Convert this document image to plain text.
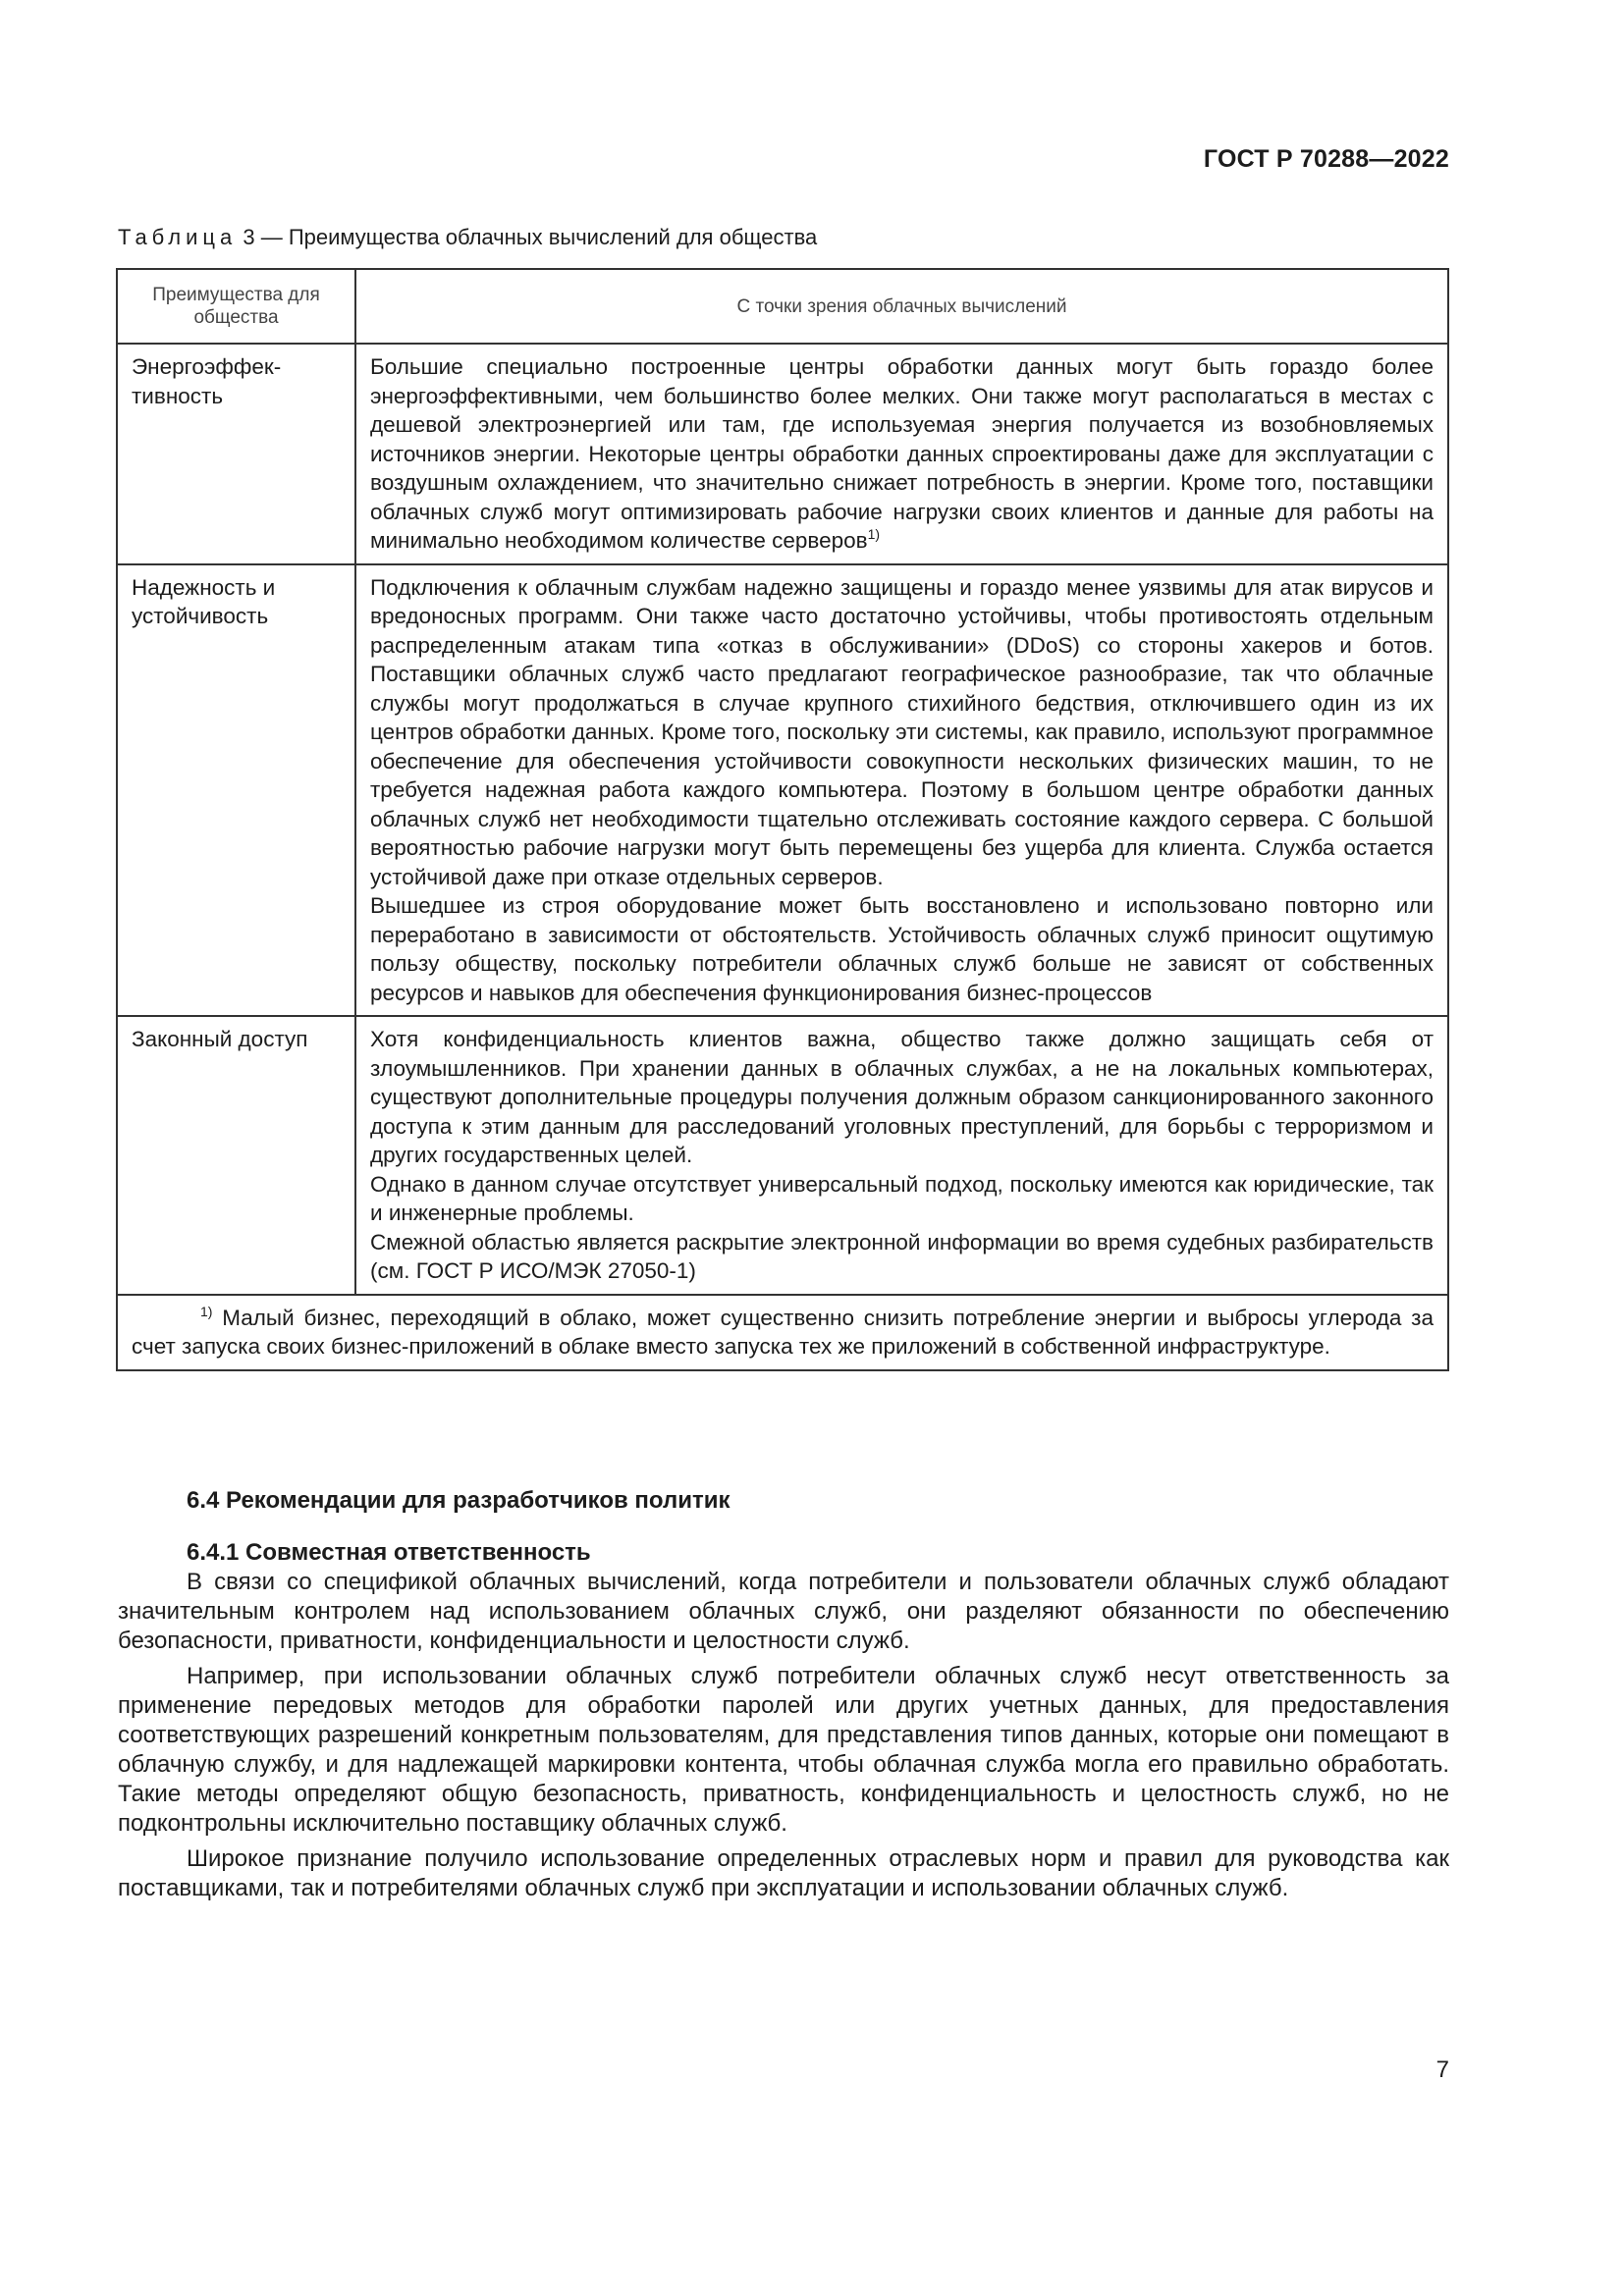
ГОСТ Р 70288—2022
Таблица 3 — Преимущества облачных вычислений для общества
Преимущества для общества	С точки зрения облачных вычислений
Энергоэффек-тивность	Большие специально построенные центры обработки данных могут быть гораздо более энергоэффективными, чем большинство более мелких. Они также могут располагаться в местах с дешевой электроэнергией или там, где используемая энергия получается из возобновляемых источников энергии. Некоторые центры обработки данных спроектированы даже для эксплуатации с воздушным охлаждением, что значительно снижает потребность в энергии. Кроме того, поставщики облачных служб могут оптимизировать рабочие нагрузки своих клиентов и данные для работы на минимально необходимом количестве серверов$^{1)}$

Надежность и устойчивость	Подключения к облачным службам надежно защищены и гораздо менее уязвимы для атак вирусов и вредоносных программ. Они также часто достаточно устойчивы, чтобы противостоять отдельным распределенным атакам типа «отказ в обслуживании» (DDoS) со стороны хакеров и ботов. Поставщики облачных служб часто предлагают географическое разнообразие, так что облачные службы могут продолжаться в случае крупного стихийного бедствия, отключившего один из их центров обработки данных. Кроме того, поскольку эти системы, как правило, используют программное обеспечение для обеспечения устойчивости совокупности нескольких физических машин, то не требуется надежная работа каждого компьютера. Поэтому в большом центре обработки данных облачных служб нет необходимости тщательно отслеживать состояние каждого сервера. С большой вероятностью рабочие нагрузки могут быть перемещены без ущерба для клиента. Служба остается устойчивой даже при отказе отдельных серверов.

Вышедшее из строя оборудование может быть восстановлено и использовано повторно или переработано в зависимости от обстоятельств. Устойчивость облачных служб приносит ощутимую пользу обществу, поскольку потребители облачных служб больше не зависят от собственных ресурсов и навыков для обеспечения функционирования бизнес-процессов

Законный доступ	Хотя конфиденциальность клиентов важна, общество также должно защищать себя от злоумышленников. При хранении данных в облачных службах, а не на локальных компьютерах, существуют дополнительные процедуры получения должным образом санкционированного законного доступа к этим данным для расследований уголовных преступлений, для борьбы с терроризмом и других государственных целей.

Однако в данном случае отсутствует универсальный подход, поскольку имеются как юридические, так и инженерные проблемы.

Смежной областью является раскрытие электронной информации во время судебных разбирательств (см. ГОСТ Р ИСО/МЭК 27050-1)

$^{1)}$ Малый бизнес, переходящий в облако, может существенно снизить потребление энергии и выбросы углерода за счет запуска своих бизнес-приложений в облаке вместо запуска тех же приложений в собственной инфраструктуре.	
6.4 Рекомендации для разработчиков политик
6.4.1 Совместная ответственность

В связи со спецификой облачных вычислений, когда потребители и пользователи облачных служб обладают значительным контролем над использованием облачных служб, они разделяют обязанности по обеспечению безопасности, приватности, конфиденциальности и целостности служб.

Например, при использовании облачных служб потребители облачных служб несут ответственность за применение передовых методов для обработки паролей или других учетных данных, для предоставления соответствующих разрешений конкретным пользователям, для представления типов данных, которые они помещают в облачную службу, и для надлежащей маркировки контента, чтобы облачная служба могла его правильно обработать. Такие методы определяют общую безопасность, приватность, конфиденциальность и целостность служб, но не подконтрольны исключительно поставщику облачных служб.

Широкое признание получило использование определенных отраслевых норм и правил для руководства как поставщиками, так и потребителями облачных служб при эксплуатации и использовании облачных служб.

7
